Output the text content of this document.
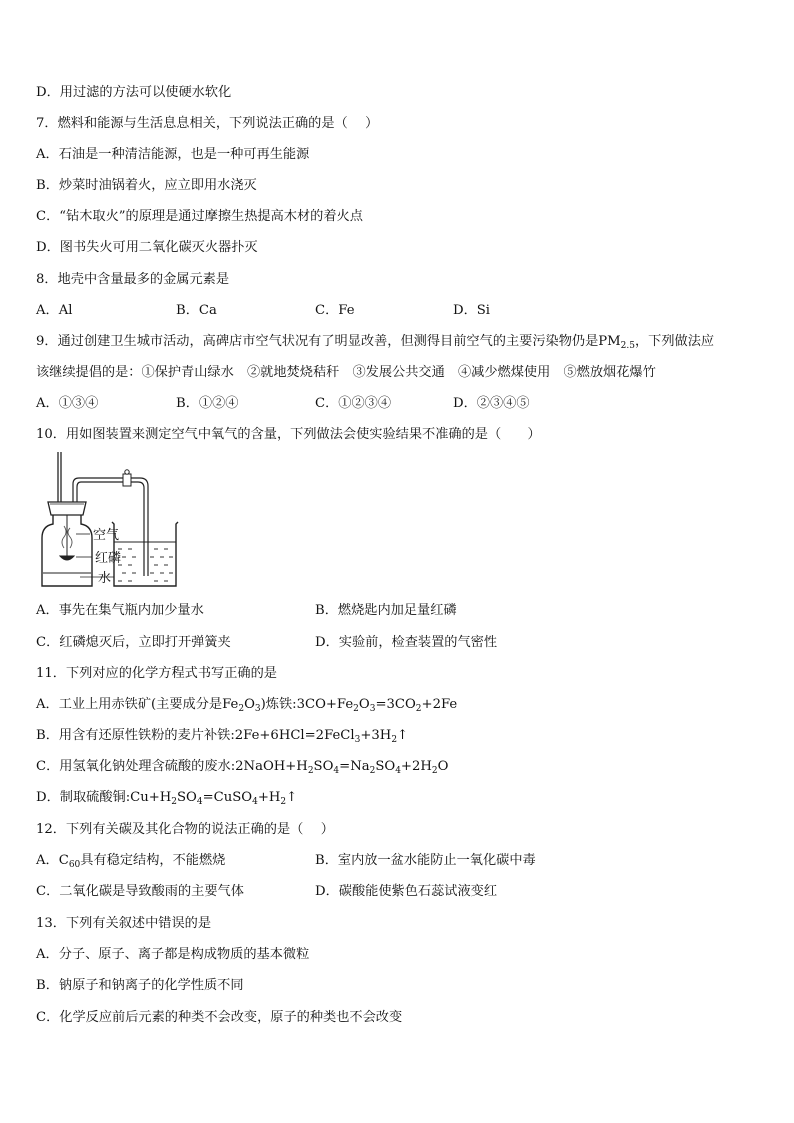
D．用过滤的方法可以使硬水软化
7．燃料和能源与生活息息相关，下列说法正确的是（　 ）
A．石油是一种清洁能源，也是一种可再生能源
B．炒菜时油锅着火，应立即用水浇灭
C．“钻木取火”的原理是通过摩擦生热提高木材的着火点
D．图书失火可用二氧化碳灭火器扑灭
8．地壳中含量最多的金属元素是
A．Al	B．Ca	C．Fe	D．Si
9．通过创建卫生城市活动，高碑店市空气状况有了明显改善，但测得目前空气的主要污染物仍是$PM_{2.5}$，下列做法应
该继续提倡的是：①保护青山绿水　②就地焚烧秸秆　③发展公共交通　④减少燃煤使用　⑤燃放烟花爆竹
A．①③④	B．①②④	C．①②③④	D．②③④⑤
10．用如图装置来测定空气中氧气的含量，下列做法会使实验结果不准确的是（　　）
空气
红磷
水
A．事先在集气瓶内加少量水	B．燃烧匙内加足量红磷
C．红磷熄灭后，立即打开弹簧夹	D．实验前，检查装置的气密性
11．下列对应的化学方程式书写正确的是
A．工业上用赤铁矿(主要成分是$Fe_2O_3$)炼铁$:3CO+Fe_2O_3=3CO_2+2Fe$
B．用含有还原性铁粉的麦片补铁$:2Fe+6HCl=2FeCl_3+3H_2↑$
C．用氢氧化钠处理含硫酸的废水$:2NaOH+H_2SO_4=Na_2SO_4+2H_2O$
D．制取硫酸铜$:Cu+H_2SO_4=CuSO_4+H_2↑$
12．下列有关碳及其化合物的说法正确的是（　 ）
A．$C_{60}$具有稳定结构，不能燃烧	B．室内放一盆水能防止一氧化碳中毒
C．二氧化碳是导致酸雨的主要气体	D．碳酸能使紫色石蕊试液变红
13．下列有关叙述中错误的是
A．分子、原子、离子都是构成物质的基本微粒
B．钠原子和钠离子的化学性质不同
C．化学反应前后元素的种类不会改变，原子的种类也不会改变
